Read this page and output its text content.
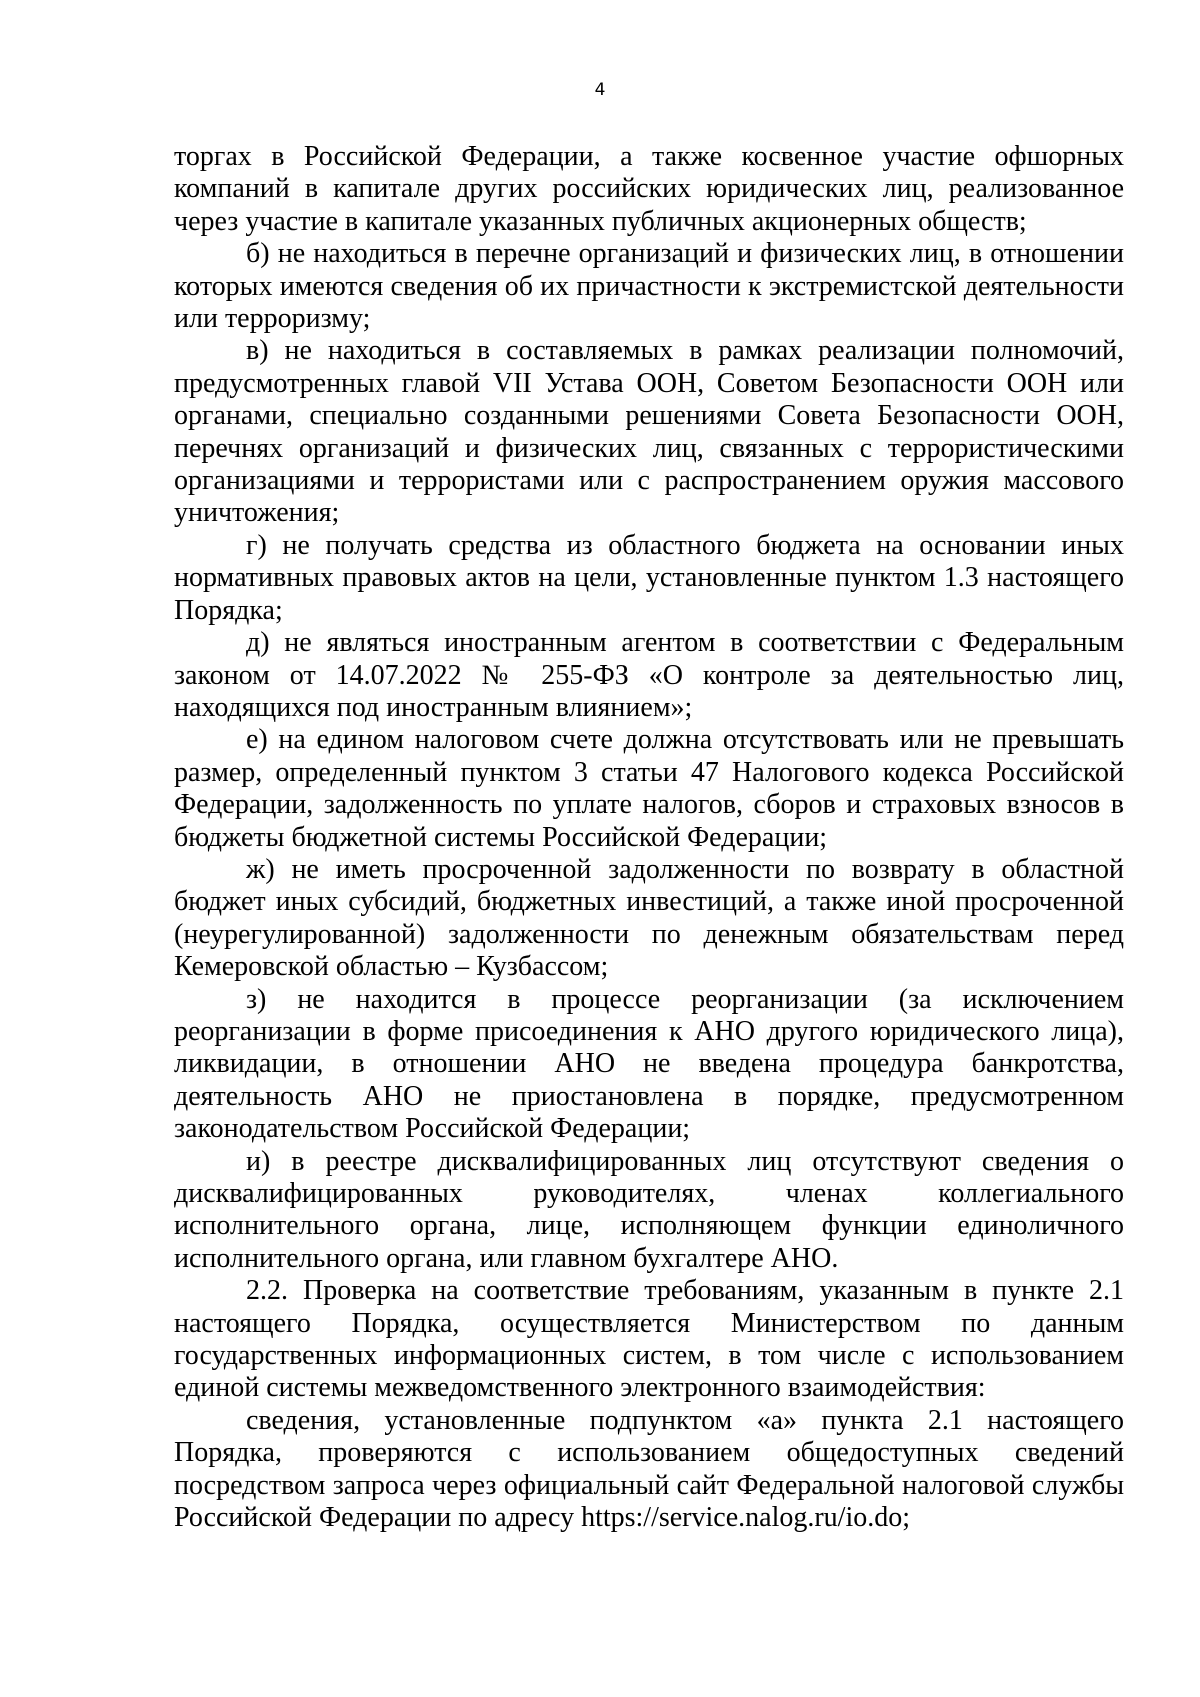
4

торгах в Российской Федерации, а также косвенное участие офшорных компаний в капитале других российских юридических лиц, реализованное через участие в капитале указанных публичных акционерных обществ;

б) не находиться в перечне организаций и физических лиц, в отношении которых имеются сведения об их причастности к экстремистской деятельности или терроризму;

в) не находиться в составляемых в рамках реализации полномочий, предусмотренных главой VII Устава ООН, Советом Безопасности ООН или органами, специально созданными решениями Совета Безопасности ООН, перечнях организаций и физических лиц, связанных с террористическими организациями и террористами или с распространением оружия массового уничтожения;

г) не получать средства из областного бюджета на основании иных нормативных правовых актов на цели, установленные пунктом 1.3 настоящего Порядка;

д) не являться иностранным агентом в соответствии с Федеральным законом от 14.07.2022 № 255-ФЗ «О контроле за деятельностью лиц, находящихся под иностранным влиянием»;

е) на едином налоговом счете должна отсутствовать или не превышать размер, определенный пунктом 3 статьи 47 Налогового кодекса Российской Федерации, задолженность по уплате налогов, сборов и страховых взносов в бюджеты бюджетной системы Российской Федерации;

ж) не иметь просроченной задолженности по возврату в областной бюджет иных субсидий, бюджетных инвестиций, а также иной просроченной (неурегулированной) задолженности по денежным обязательствам перед Кемеровской областью – Кузбассом;

з) не находится в процессе реорганизации (за исключением реорганизации в форме присоединения к АНО другого юридического лица), ликвидации, в отношении АНО не введена процедура банкротства, деятельность АНО не приостановлена в порядке, предусмотренном законодательством Российской Федерации;

и) в реестре дисквалифицированных лиц отсутствуют сведения о дисквалифицированных руководителях, членах коллегиального исполнительного органа, лице, исполняющем функции единоличного исполнительного органа, или главном бухгалтере АНО.

2.2. Проверка на соответствие требованиям, указанным в пункте 2.1 настоящего Порядка, осуществляется Министерством по данным государственных информационных систем, в том числе с использованием единой системы межведомственного электронного взаимодействия:

сведения, установленные подпунктом «а» пункта 2.1 настоящего Порядка, проверяются с использованием общедоступных сведений посредством запроса через официальный сайт Федеральной налоговой службы Российской Федерации по адресу https://service.nalog.ru/io.do;
